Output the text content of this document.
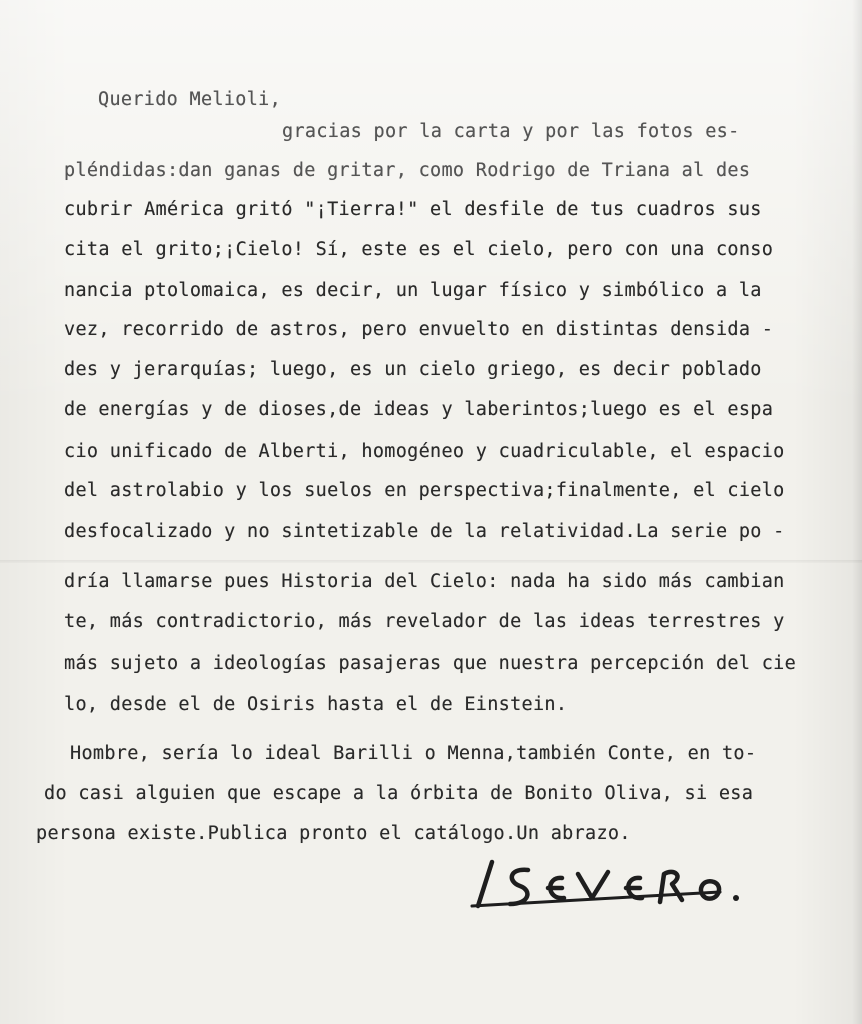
Querido Melioli,
gracias por la carta y por las fotos es-
pléndidas:dan ganas de gritar, como Rodrigo de Triana al des
cubrir América gritó "¡Tierra!" el desfile de tus cuadros sus
cita el grito;¡Cielo! Sí, este es el cielo, pero con una conso
nancia ptolomaica, es decir, un lugar físico y simbólico a la
vez, recorrido de astros, pero envuelto en distintas densida -
des y jerarquías; luego, es un cielo griego, es decir poblado
de energías y de dioses,de ideas y laberintos;luego es el espa
cio unificado de Alberti, homogéneo y cuadriculable, el espacio
del astrolabio y los suelos en perspectiva;finalmente, el cielo
desfocalizado y no sintetizable de la relatividad.La serie po -
dría llamarse pues Historia del Cielo: nada ha sido más cambian
te, más contradictorio, más revelador de las ideas terrestres y
más sujeto a ideologías pasajeras que nuestra percepción del cie
lo, desde el de Osiris hasta el de Einstein.
Hombre, sería lo ideal Barilli o Menna,también Conte, en to-
do casi alguien que escape a la órbita de Bonito Oliva, si esa
persona existe.Publica pronto el catálogo.Un abrazo.
